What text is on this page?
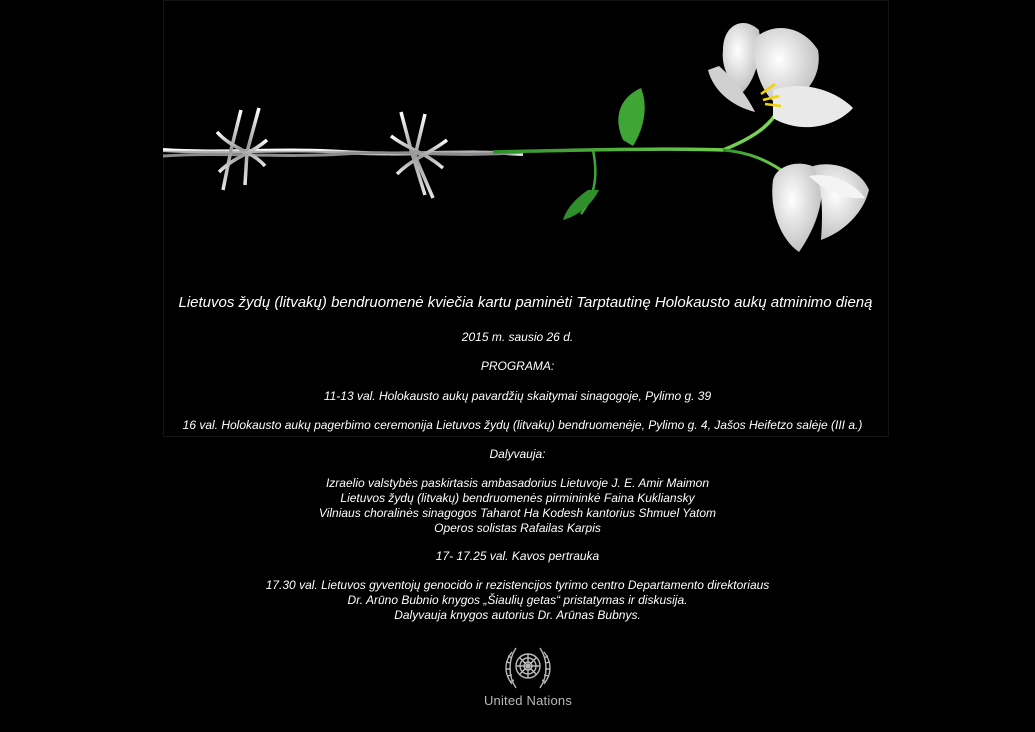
Lietuvos žydų (litvakų) bendruomenė kviečia kartu paminėti Tarptautinę Holokausto aukų atminimo dieną
2015 m. sausio 26 d.
PROGRAMA:
11-13 val. Holokausto aukų pavardžių skaitymai sinagogoje, Pylimo g. 39
16 val. Holokausto aukų pagerbimo ceremonija Lietuvos žydų (litvakų) bendruomenėje, Pylimo g. 4, Jašos Heifetzo salėje (III a.)
Dalyvauja:
Izraelio valstybės paskirtasis ambasadorius Lietuvoje J. E. Amir Maimon
Lietuvos žydų (litvakų) bendruomenės pirmininkė Faina Kukliansky
Vilniaus choralinės sinagogos Taharot Ha Kodesh kantorius Shmuel Yatom
Operos solistas Rafailas Karpis
17- 17.25 val. Kavos pertrauka
17.30 val. Lietuvos gyventojų genocido ir rezistencijos tyrimo centro Departamento direktoriaus
Dr. Arūno Bubnio knygos „Šiaulių getas“ pristatymas ir diskusija.
Dalyvauja knygos autorius Dr. Arūnas Bubnys.
United Nations
